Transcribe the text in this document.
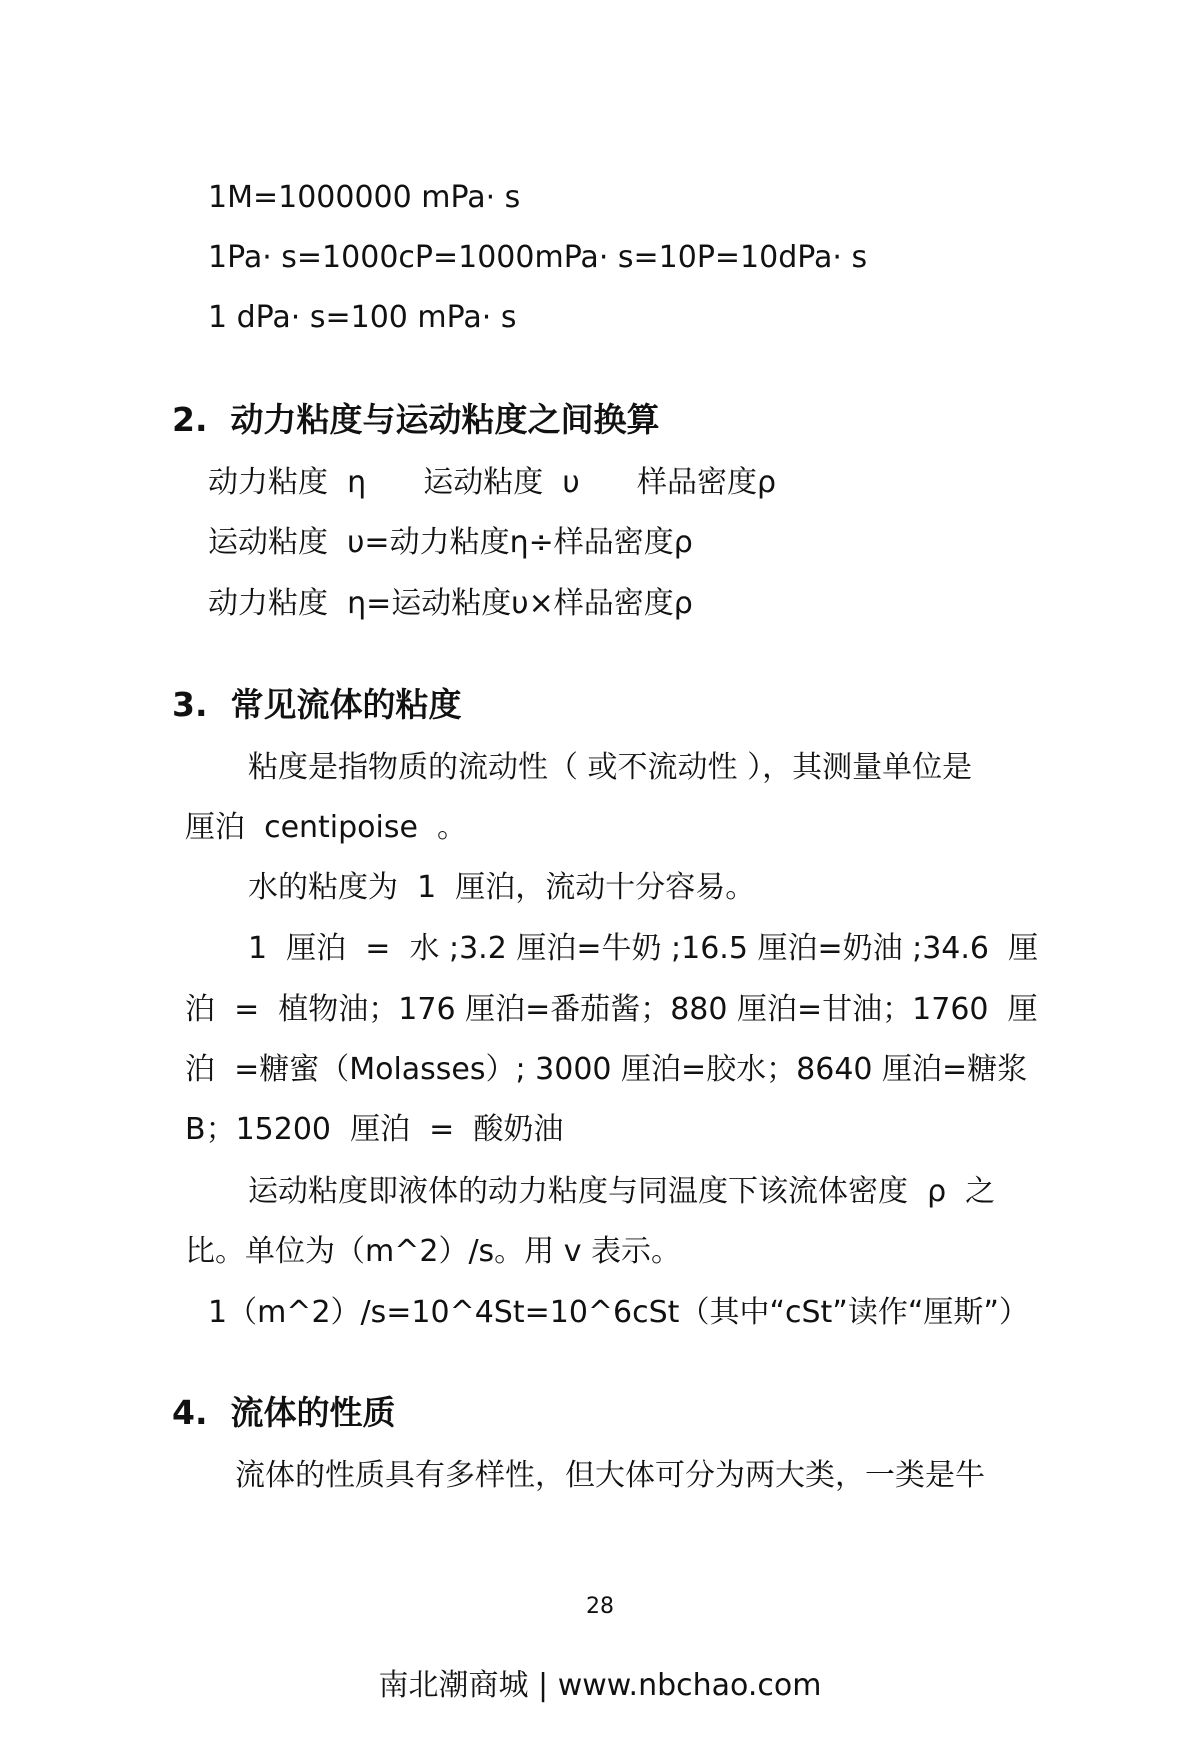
1M=1000000 mPa· s
1Pa· s=1000cP=1000mPa· s=10P=10dPa· s
1 dPa· s=100 mPa· s
2.  动力粘度与运动粘度之间换算
动力粘度  η      运动粘度  υ      样品密度ρ
运动粘度  υ=动力粘度η÷样品密度ρ
动力粘度  η=运动粘度υ×样品密度ρ
3.  常见流体的粘度
粘度是指物质的流动性（ 或不流动性 ），其测量单位是
厘泊  centipoise  。
水的粘度为  1  厘泊，流动十分容易。
1  厘泊  =  水 ;3.2 厘泊=牛奶 ;16.5 厘泊=奶油 ;34.6  厘
泊  =  植物油；176 厘泊=番茄酱；880 厘泊=甘油；1760  厘
泊  =糖蜜（Molasses）; 3000 厘泊=胶水；8640 厘泊=糖浆
B；15200  厘泊  =  酸奶油
运动粘度即液体的动力粘度与同温度下该流体密度  ρ  之
比。单位为（m^2）/s。用 v 表示。
1（m^2）/s=10^4St=10^6cSt（其中“cSt”读作“厘斯”）
4.  流体的性质
流体的性质具有多样性，但大体可分为两大类，一类是牛
28
南北潮商城 | www.nbchao.com
